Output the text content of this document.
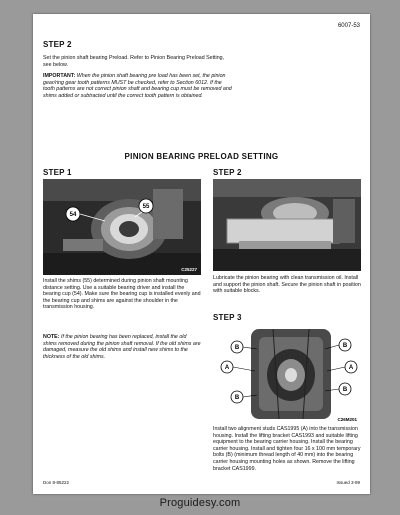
6007-53
STEP 2
Set the pinion shaft bearing Preload. Refer to Pinion Bearing Preload Setting, see below.
IMPORTANT: When the pinion shaft bearing pre load has been set, the pinion gear/ring gear tooth patterns MUST be checked, refer to Section 6012. If the tooth patterns are not correct pinion shaft and bearing cup must be removed and shims added or subtracted until the correct tooth pattern is obtained.
PINION BEARING PRELOAD SETTING
STEP 1
54
55
C25227
Install the shims (55) determined during pinion shaft mounting distance setting. Use a suitable bearing driver and install the bearing cup (54). Make sure the bearing cup is installed evenly and the bearing cup and shims are against the shoulder in the transmission housing.
NOTE: If the pinion bearing has been replaced, install the old shims removed during the pinion shaft removal. If the old shims are damaged, measure the old shims and install new shims to the thickness of the old shims.
STEP 2
Lubricate the pinion bearing with clean transmission oil. Install and support the pinion shaft. Secure the pinion shaft in position with suitable blocks.
STEP 3
B
A
B
B
A
B
C26M201
Install two alignment studs CAS1995 (A) into the transmission housing. Install the lifting bracket CAS1993 and suitable lifting equipment to the bearing carrier housing. Install the bearing carrier housing. Install and tighten four 16 x 100 mm temporary bolts (B) (minimum thread length of 40 mm) into the bearing carrier housing mounting holes as shown. Remove the lifting bracket CAS1999.
Don 8-85222	Issued 3-99
Proguidesy.com
